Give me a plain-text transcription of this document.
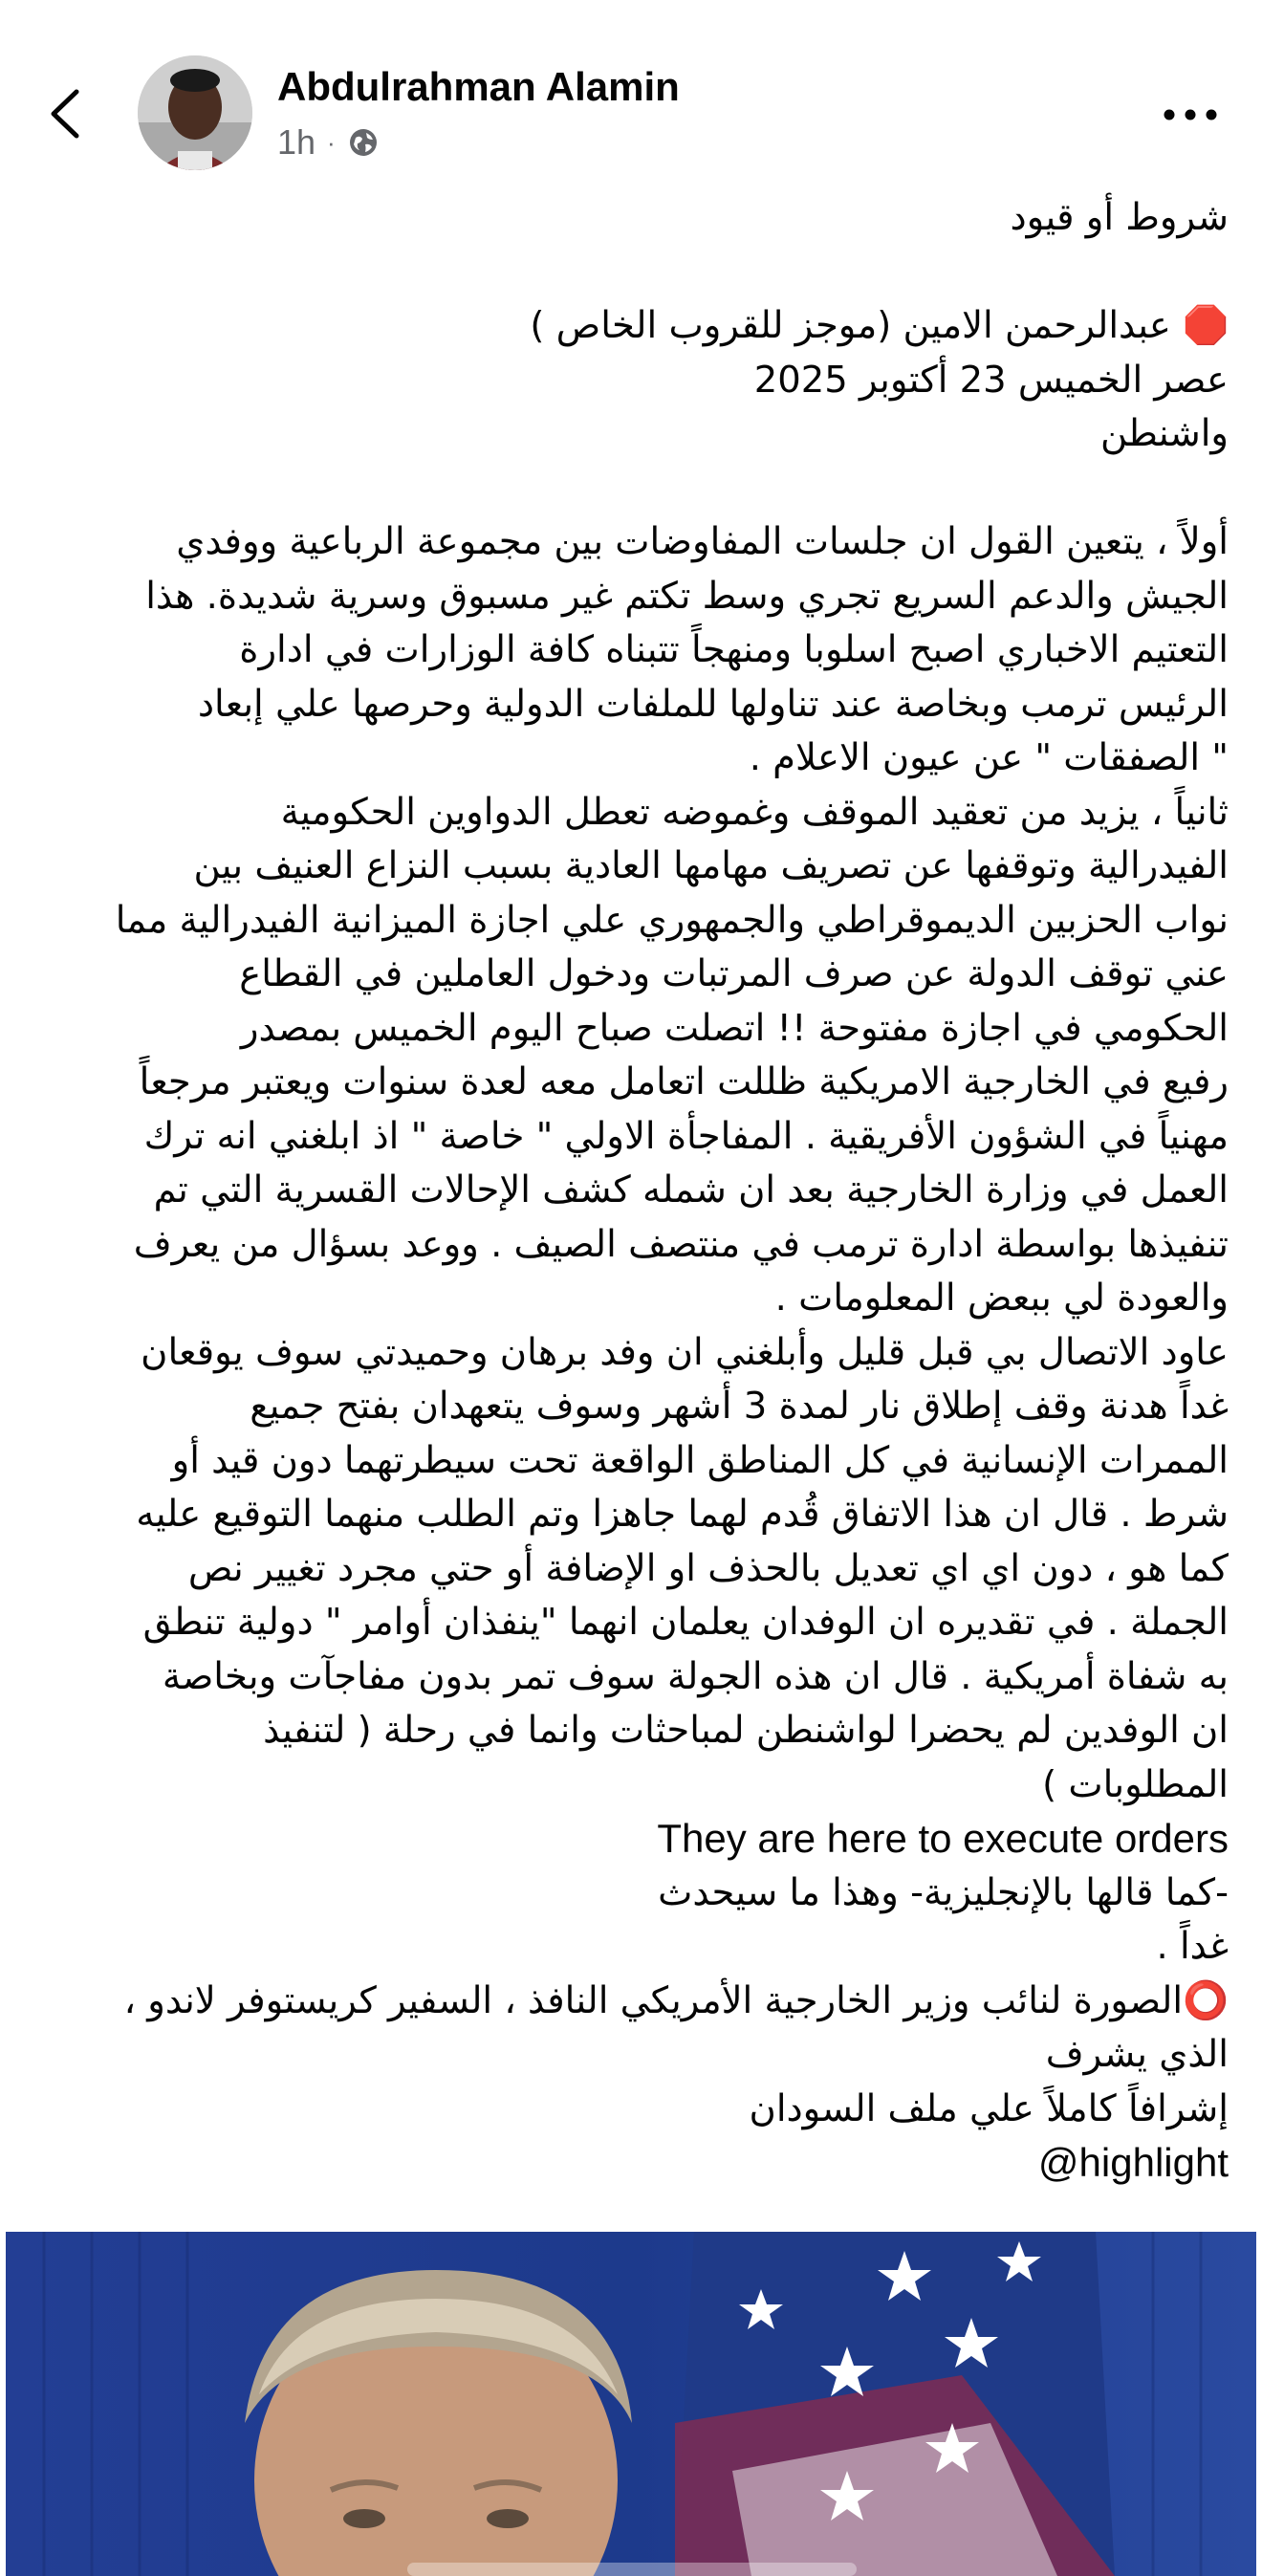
Abdulrahman Alamin
1h ·
شروط أو قيود
🛑 عبدالرحمن الامين (موجز للقروب الخاص )
عصر الخميس 23 أكتوبر 2025
واشنطن
أولاً ، يتعين القول ان جلسات المفاوضات بين مجموعة الرباعية ووفدي
الجيش والدعم السريع تجري وسط تكتم غير مسبوق وسرية شديدة. هذا
التعتيم الاخباري اصبح اسلوبا ومنهجاً تتبناه كافة الوزارات في ادارة
الرئيس ترمب وبخاصة عند تناولها للملفات الدولية وحرصها علي إبعاد
" الصفقات " عن عيون الاعلام .
ثانياً ، يزيد من تعقيد الموقف وغموضه تعطل الدواوين الحكومية
الفيدرالية وتوقفها عن تصريف مهامها العادية بسبب النزاع العنيف بين
نواب الحزبين الديموقراطي والجمهوري علي اجازة الميزانية الفيدرالية مما
عني توقف الدولة عن صرف المرتبات ودخول العاملين في القطاع
الحكومي في اجازة مفتوحة !! اتصلت صباح اليوم الخميس بمصدر
رفيع في الخارجية الامريكية ظللت اتعامل معه لعدة سنوات ويعتبر مرجعاً
مهنياً في الشؤون الأفريقية . المفاجأة الاولي " خاصة " اذ ابلغني انه ترك
العمل في وزارة الخارجية بعد ان شمله كشف الإحالات القسرية التي تم
تنفيذها بواسطة ادارة ترمب في منتصف الصيف . ووعد بسؤال من يعرف
والعودة لي ببعض المعلومات .
عاود الاتصال بي قبل قليل وأبلغني ان وفد برهان وحميدتي سوف يوقعان
غداً هدنة وقف إطلاق نار لمدة 3 أشهر وسوف يتعهدان بفتح جميع
الممرات الإنسانية في كل المناطق الواقعة تحت سيطرتهما دون قيد أو
شرط . قال ان هذا الاتفاق قُدم لهما جاهزا وتم الطلب منهما التوقيع عليه
كما هو ، دون اي اي تعديل بالحذف او الإضافة أو حتي مجرد تغيير نص
الجملة . في تقديره ان الوفدان يعلمان انهما "ينفذان أوامر " دولية تنطق
به شفاة أمريكية . قال ان هذه الجولة سوف تمر بدون مفاجآت وبخاصة
ان الوفدين لم يحضرا لواشنطن لمباحثات وانما في رحلة ( لتنفيذ
المطلوبات )
They are here to execute orders
-كما قالها بالإنجليزية- وهذا ما سيحدث
غداً .
⭕الصورة لنائب وزير الخارجية الأمريكي النافذ ، السفير كريستوفر لاندو ،
الذي يشرف
إشرافاً كاملاً علي ملف السودان
@highlight
